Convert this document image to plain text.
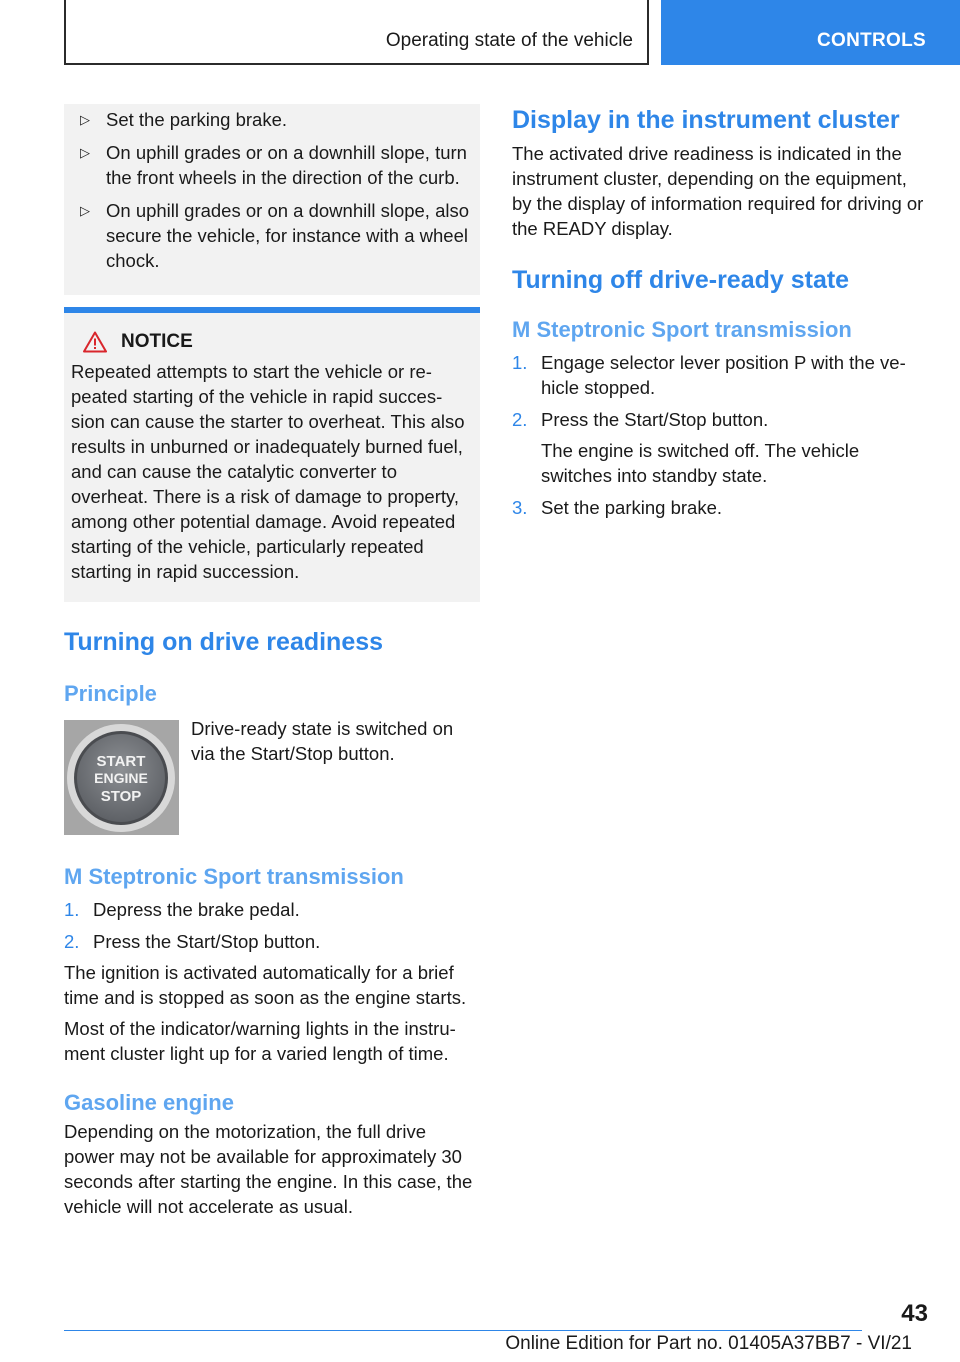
Operating state of the vehicle	CONTROLS
▷ Set the parking brake.
▷ On uphill grades or on a downhill slope, turn the front wheels in the direction of the curb.
▷ On uphill grades or on a downhill slope, also secure the vehicle, for instance with a wheel chock.
NOTICE

Repeated attempts to start the vehicle or re‐peated starting of the vehicle in rapid succes‐sion can cause the starter to overheat. This also results in unburned or inadequately burned fuel, and can cause the catalytic converter to overheat. There is a risk of damage to property, among other potential damage. Avoid repeated starting of the vehicle, particularly repeated starting in rapid succession.

Turning on drive readiness
Principle
START
ENGINE
STOP

Drive-ready state is switched on via the Start/Stop button.

M Steptronic Sport transmission
1. Depress the brake pedal.
2. Press the Start/Stop button.

The ignition is activated automatically for a brief time and is stopped as soon as the engine starts.

Most of the indicator/warning lights in the instru‐ment cluster light up for a varied length of time.

Gasoline engine

Depending on the motorization, the full drive power may not be available for approximately 30 seconds after starting the engine. In this case, the vehicle will not accelerate as usual.

Display in the instrument cluster

The activated drive readiness is indicated in the instrument cluster, depending on the equipment, by the display of information required for driving or the READY display.

Turning off drive-ready state
M Steptronic Sport transmission
1. Engage selector lever position P with the ve‐hicle stopped.
2. Press the Start/Stop button.
The engine is switched off. The vehicle switches into standby state.
3. Set the parking brake.
43
Online Edition for Part no. 01405A37BB7 - VI/21
